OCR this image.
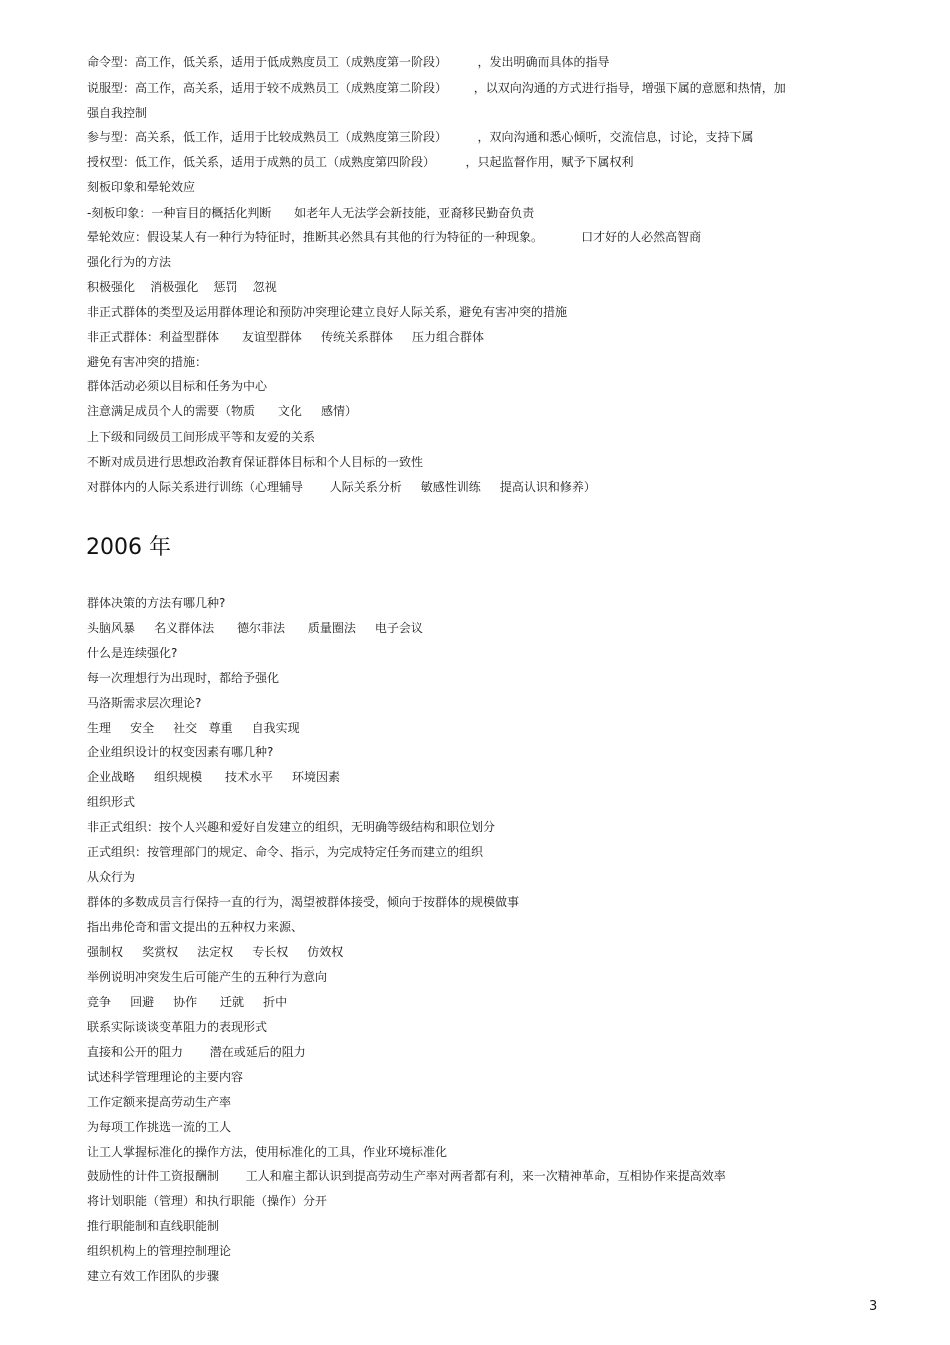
命令型：高工作，低关系，适用于低成熟度员工（成熟度第一阶段）        ，发出明确而具体的指导
说服型：高工作，高关系，适用于较不成熟员工（成熟度第二阶段）       ，以双向沟通的方式进行指导，增强下属的意愿和热情，加
强自我控制
参与型：高关系，低工作，适用于比较成熟员工（成熟度第三阶段）        ，双向沟通和悉心倾听，交流信息，讨论，支持下属
授权型：低工作，低关系，适用于成熟的员工（成熟度第四阶段）        ，只起监督作用，赋予下属权利
刻板印象和晕轮效应
-刻板印象：一种盲目的概括化判断      如老年人无法学会新技能，亚裔移民勤奋负责
晕轮效应：假设某人有一种行为特征时，推断其必然具有其他的行为特征的一种现象。          口才好的人必然高智商
强化行为的方法
积极强化    消极强化    惩罚    忽视
非正式群体的类型及运用群体理论和预防冲突理论建立良好人际关系，避免有害冲突的措施
非正式群体：利益型群体      友谊型群体     传统关系群体     压力组合群体
避免有害冲突的措施：
群体活动必须以目标和任务为中心
注意满足成员个人的需要（物质      文化     感情）
上下级和同级员工间形成平等和友爱的关系
不断对成员进行思想政治教育保证群体目标和个人目标的一致性
对群体内的人际关系进行训练（心理辅导       人际关系分析     敏感性训练     提高认识和修养）
2006 年
群体决策的方法有哪几种?
头脑风暴     名义群体法      德尔菲法      质量圈法     电子会议
什么是连续强化?
每一次理想行为出现时，都给予强化
马洛斯需求层次理论?
生理     安全     社交   尊重     自我实现
企业组织设计的权变因素有哪几种?
企业战略     组织规模      技术水平     环境因素
组织形式
非正式组织：按个人兴趣和爱好自发建立的组织，无明确等级结构和职位划分
正式组织：按管理部门的规定、命令、指示，为完成特定任务而建立的组织
从众行为
群体的多数成员言行保持一直的行为，渴望被群体接受，倾向于按群体的规模做事
指出弗伦奇和雷文提出的五种权力来源、
强制权     奖赏权     法定权     专长权     仿效权
举例说明冲突发生后可能产生的五种行为意向
竞争     回避     协作      迁就     折中
联系实际谈谈变革阻力的表现形式
直接和公开的阻力       潜在或延后的阻力
试述科学管理理论的主要内容
工作定额来提高劳动生产率
为每项工作挑选一流的工人
让工人掌握标准化的操作方法，使用标准化的工具，作业环境标准化
鼓励性的计件工资报酬制       工人和雇主都认识到提高劳动生产率对两者都有利，来一次精神革命，互相协作来提高效率
将计划职能（管理）和执行职能（操作）分开
推行职能制和直线职能制
组织机构上的管理控制理论
建立有效工作团队的步骤
3
